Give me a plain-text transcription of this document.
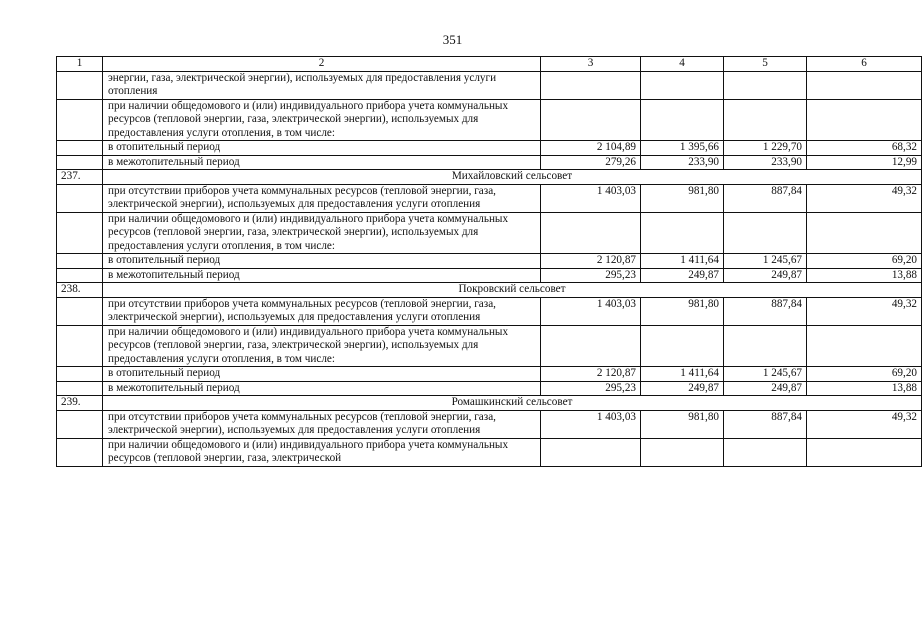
351
1	2	3	4	5	6
	энергии, газа, электрической энергии), используемых для предоставления услуги отопления				
	при наличии общедомового и (или) индивидуального прибора учета коммунальных ресурсов (тепловой энергии, газа, электрической энергии), используемых для предоставления услуги отопления, в том числе:				
	в отопительный период	2 104,89	1 395,66	1 229,70	68,32
	в межотопительный период	279,26	233,90	233,90	12,99
237.	Михайловский сельсовет				
	при отсутствии приборов учета коммунальных ресурсов (тепловой энергии, газа, электрической энергии), используемых для предоставления услуги отопления	1 403,03	981,80	887,84	49,32
	при наличии общедомового и (или) индивидуального прибора учета коммунальных ресурсов (тепловой энергии, газа, электрической энергии), используемых для предоставления услуги отопления, в том числе:				
	в отопительный период	2 120,87	1 411,64	1 245,67	69,20
	в межотопительный период	295,23	249,87	249,87	13,88
238.	Покровский сельсовет				
	при отсутствии приборов учета коммунальных ресурсов (тепловой энергии, газа, электрической энергии), используемых для предоставления услуги отопления	1 403,03	981,80	887,84	49,32
	при наличии общедомового и (или) индивидуального прибора учета коммунальных ресурсов (тепловой энергии, газа, электрической энергии), используемых для предоставления услуги отопления, в том числе:				
	в отопительный период	2 120,87	1 411,64	1 245,67	69,20
	в межотопительный период	295,23	249,87	249,87	13,88
239.	Ромашкинский сельсовет				
	при отсутствии приборов учета коммунальных ресурсов (тепловой энергии, газа, электрической энергии), используемых для предоставления услуги отопления	1 403,03	981,80	887,84	49,32
	при наличии общедомового и (или) индивидуального прибора учета коммунальных ресурсов (тепловой энергии, газа, электрической				
